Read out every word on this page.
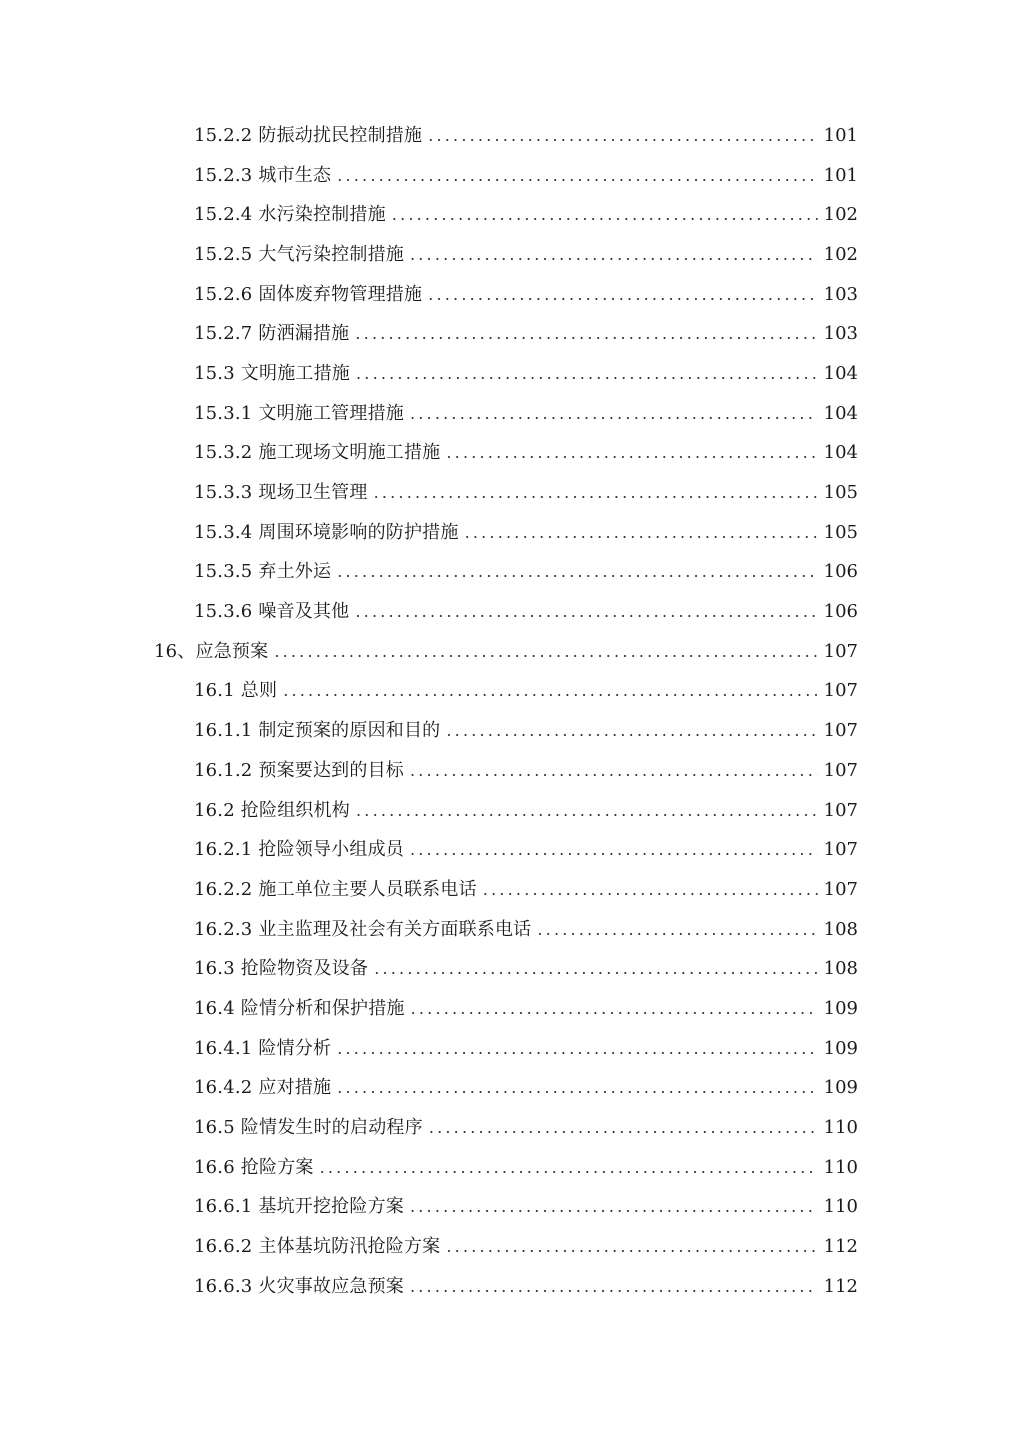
15.2.2 防振动扰民控制措施 .....	101
15.2.3 城市生态 .....	101
15.2.4 水污染控制措施 .....	102
15.2.5 大气污染控制措施 .....	102
15.2.6 固体废弃物管理措施 .....	103
15.2.7 防洒漏措施 .....	103
15.3 文明施工措施 .....	104
15.3.1 文明施工管理措施 .....	104
15.3.2 施工现场文明施工措施 .....	104
15.3.3 现场卫生管理 .....	105
15.3.4 周围环境影响的防护措施 .....	105
15.3.5 弃土外运 .....	106
15.3.6 噪音及其他 .....	106
16、应急预案 .....	107
16.1 总则 .....	107
16.1.1 制定预案的原因和目的 .....	107
16.1.2 预案要达到的目标 .....	107
16.2 抢险组织机构 .....	107
16.2.1 抢险领导小组成员 .....	107
16.2.2 施工单位主要人员联系电话 .....	107
16.2.3 业主监理及社会有关方面联系电话 .....	108
16.3 抢险物资及设备 .....	108
16.4 险情分析和保护措施 .....	109
16.4.1 险情分析 .....	109
16.4.2 应对措施 .....	109
16.5 险情发生时的启动程序 .....	110
16.6 抢险方案 .....	110
16.6.1 基坑开挖抢险方案 .....	110
16.6.2 主体基坑防汛抢险方案 .....	112
16.6.3 火灾事故应急预案 .....	112
